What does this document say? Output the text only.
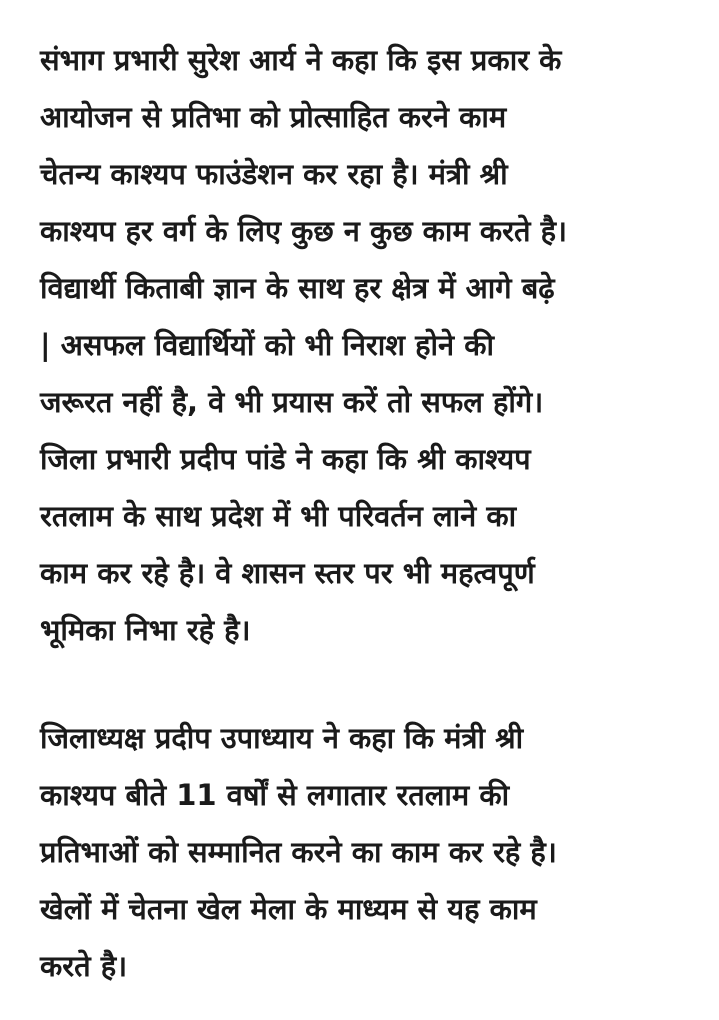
संभाग प्रभारी सुरेश आर्य ने कहा कि इस प्रकार के
आयोजन से प्रतिभा को प्रोत्साहित करने काम
चेतन्य काश्यप फाउंडेशन कर रहा है। मंत्री श्री
काश्यप हर वर्ग के लिए कुछ न कुछ काम करते है।
विद्यार्थी किताबी ज्ञान के साथ हर क्षेत्र में आगे बढ़े
| असफल विद्यार्थियों को भी निराश होने की
जरूरत नहीं है, वे भी प्रयास करें तो सफल होंगे।
जिला प्रभारी प्रदीप पांडे ने कहा कि श्री काश्यप
रतलाम के साथ प्रदेश में भी परिवर्तन लाने का
काम कर रहे है। वे शासन स्तर पर भी महत्वपूर्ण
भूमिका निभा रहे है।

जिलाध्यक्ष प्रदीप उपाध्याय ने कहा कि मंत्री श्री
काश्यप बीते 11 वर्षों से लगातार रतलाम की
प्रतिभाओं को सम्मानित करने का काम कर रहे है।
खेलों में चेतना खेल मेला के माध्यम से यह काम
करते है।
